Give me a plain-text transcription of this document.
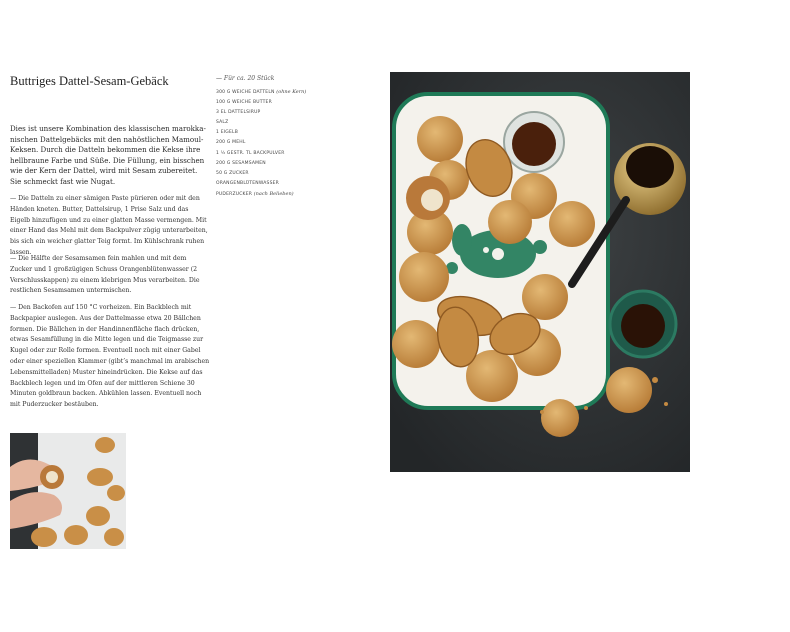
Buttriges Dattel-Sesam-Gebäck	— Für ca. 20 Stück
300 G WEICHE DATTELN (ohne Kern)
100 G WEICHE BUTTER
3 EL DATTELSIRUP
SALZ
1 EIGELB
200 G MEHL
1 ½ GESTR. TL BACKPULVER
200 G SESAMSAMEN
50 G ZUCKER
ORANGENBLÜTENWASSER
PUDERZUCKER (nach Belieben)

Dies ist unsere Kombination des klassischen marokkanischen Dattelgebäcks mit den nahöstlichen Mamoul-Keksen. Durch die Datteln bekommen die Kekse ihre hellbraune Farbe und Süße. Die Füllung, ein bisschen wie der Kern der Dattel, wird mit Sesam zubereitet. Sie schmeckt fast wie Nugat.

— Die Datteln zu einer sämigen Paste pürieren oder mit den Händen kneten. Butter, Dattelsirup, 1 Prise Salz und das Eigelb hinzufügen und zu einer glatten Masse vermengen. Mit einer Hand das Mehl mit dem Backpulver zügig unterarbeiten, bis sich ein weicher glatter Teig formt. Im Kühlschrank ruhen lassen.

— Die Hälfte der Sesamsamen fein mahlen und mit dem Zucker und 1 großzügigen Schuss Orangenblütenwasser (2 Verschlusskappen) zu einem klebrigen Mus verarbeiten. Die restlichen Sesamsamen untermischen.

— Den Backofen auf 150 °C vorheizen. Ein Backblech mit Backpapier auslegen. Aus der Dattelmasse etwa 20 Bällchen formen. Die Bällchen in der Handinnenfläche flach drücken, etwas Sesamfüllung in die Mitte legen und die Teigmasse zur Kugel oder zur Rolle formen. Eventuell noch mit einer Gabel oder einer speziellen Klammer (gibt’s manchmal im arabischen Lebensmittelladen) Muster hineindrücken. Die Kekse auf das Backblech legen und im Ofen auf der mittleren Schiene 30 Minuten goldbraun backen. Abkühlen lassen. Eventuell noch mit Puderzucker bestäuben.
